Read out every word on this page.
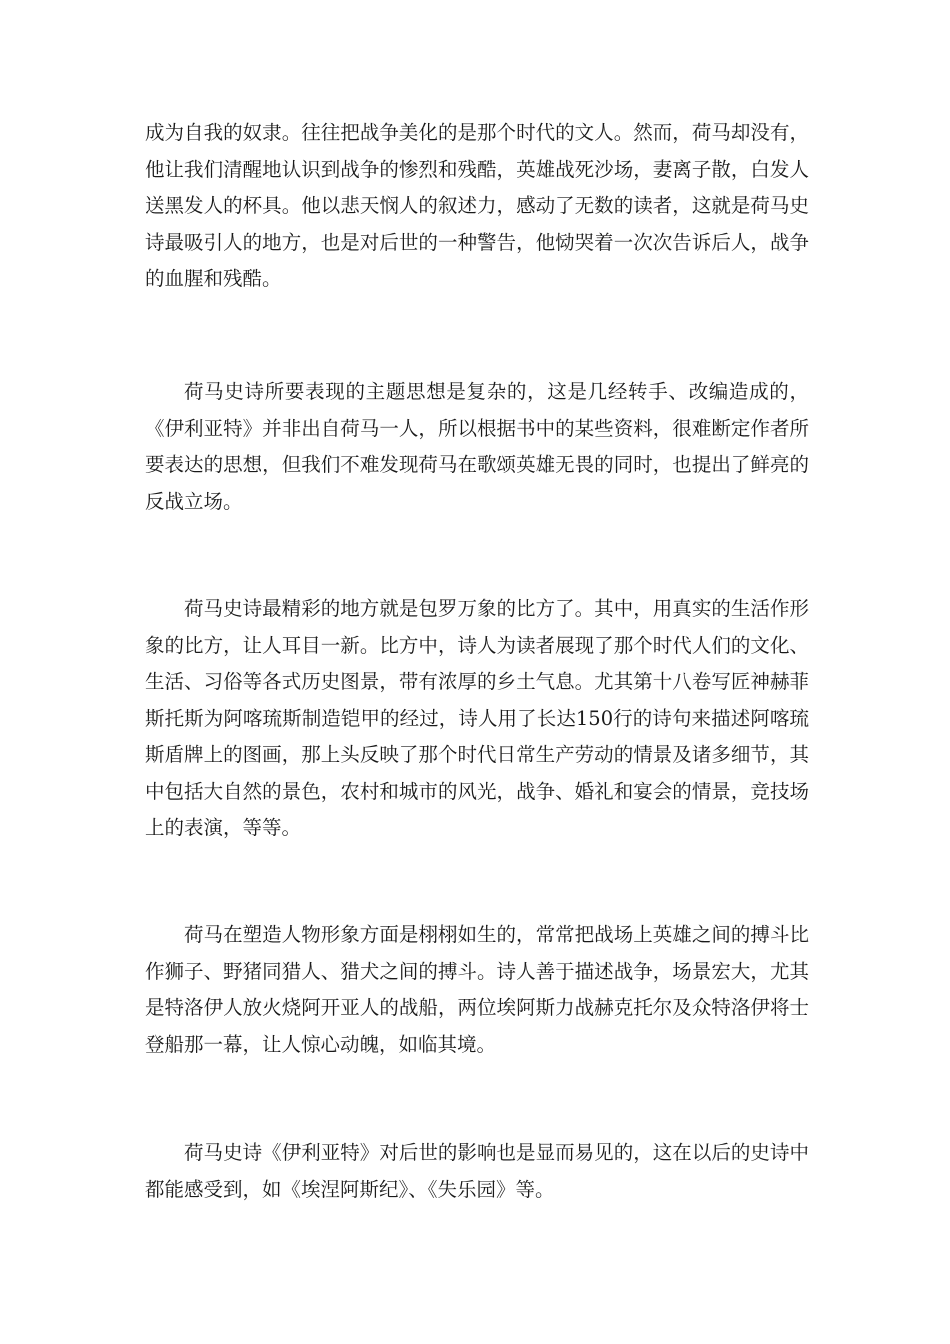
成为自我的奴隶。往往把战争美化的是那个时代的文人。然而，荷马却没有，他让我们清醒地认识到战争的惨烈和残酷，英雄战死沙场，妻离子散，白发人送黑发人的杯具。他以悲天悯人的叙述力，感动了无数的读者，这就是荷马史诗最吸引人的地方，也是对后世的一种警告，他恸哭着一次次告诉后人，战争的血腥和残酷。

荷马史诗所要表现的主题思想是复杂的，这是几经转手、改编造成的，《伊利亚特》并非出自荷马一人，所以根据书中的某些资料，很难断定作者所要表达的思想，但我们不难发现荷马在歌颂英雄无畏的同时，也提出了鲜亮的反战立场。

荷马史诗最精彩的地方就是包罗万象的比方了。其中，用真实的生活作形象的比方，让人耳目一新。比方中，诗人为读者展现了那个时代人们的文化、生活、习俗等各式历史图景，带有浓厚的乡土气息。尤其第十八卷写匠神赫菲斯托斯为阿喀琉斯制造铠甲的经过，诗人用了长达150行的诗句来描述阿喀琉斯盾牌上的图画，那上头反映了那个时代日常生产劳动的情景及诸多细节，其中包括大自然的景色，农村和城市的风光，战争、婚礼和宴会的情景，竞技场上的表演，等等。

荷马在塑造人物形象方面是栩栩如生的，常常把战场上英雄之间的搏斗比作狮子、野猪同猎人、猎犬之间的搏斗。诗人善于描述战争，场景宏大，尤其是特洛伊人放火烧阿开亚人的战船，两位埃阿斯力战赫克托尔及众特洛伊将士登船那一幕，让人惊心动魄，如临其境。

荷马史诗《伊利亚特》对后世的影响也是显而易见的，这在以后的史诗中都能感受到，如《埃涅阿斯纪》、《失乐园》等。
